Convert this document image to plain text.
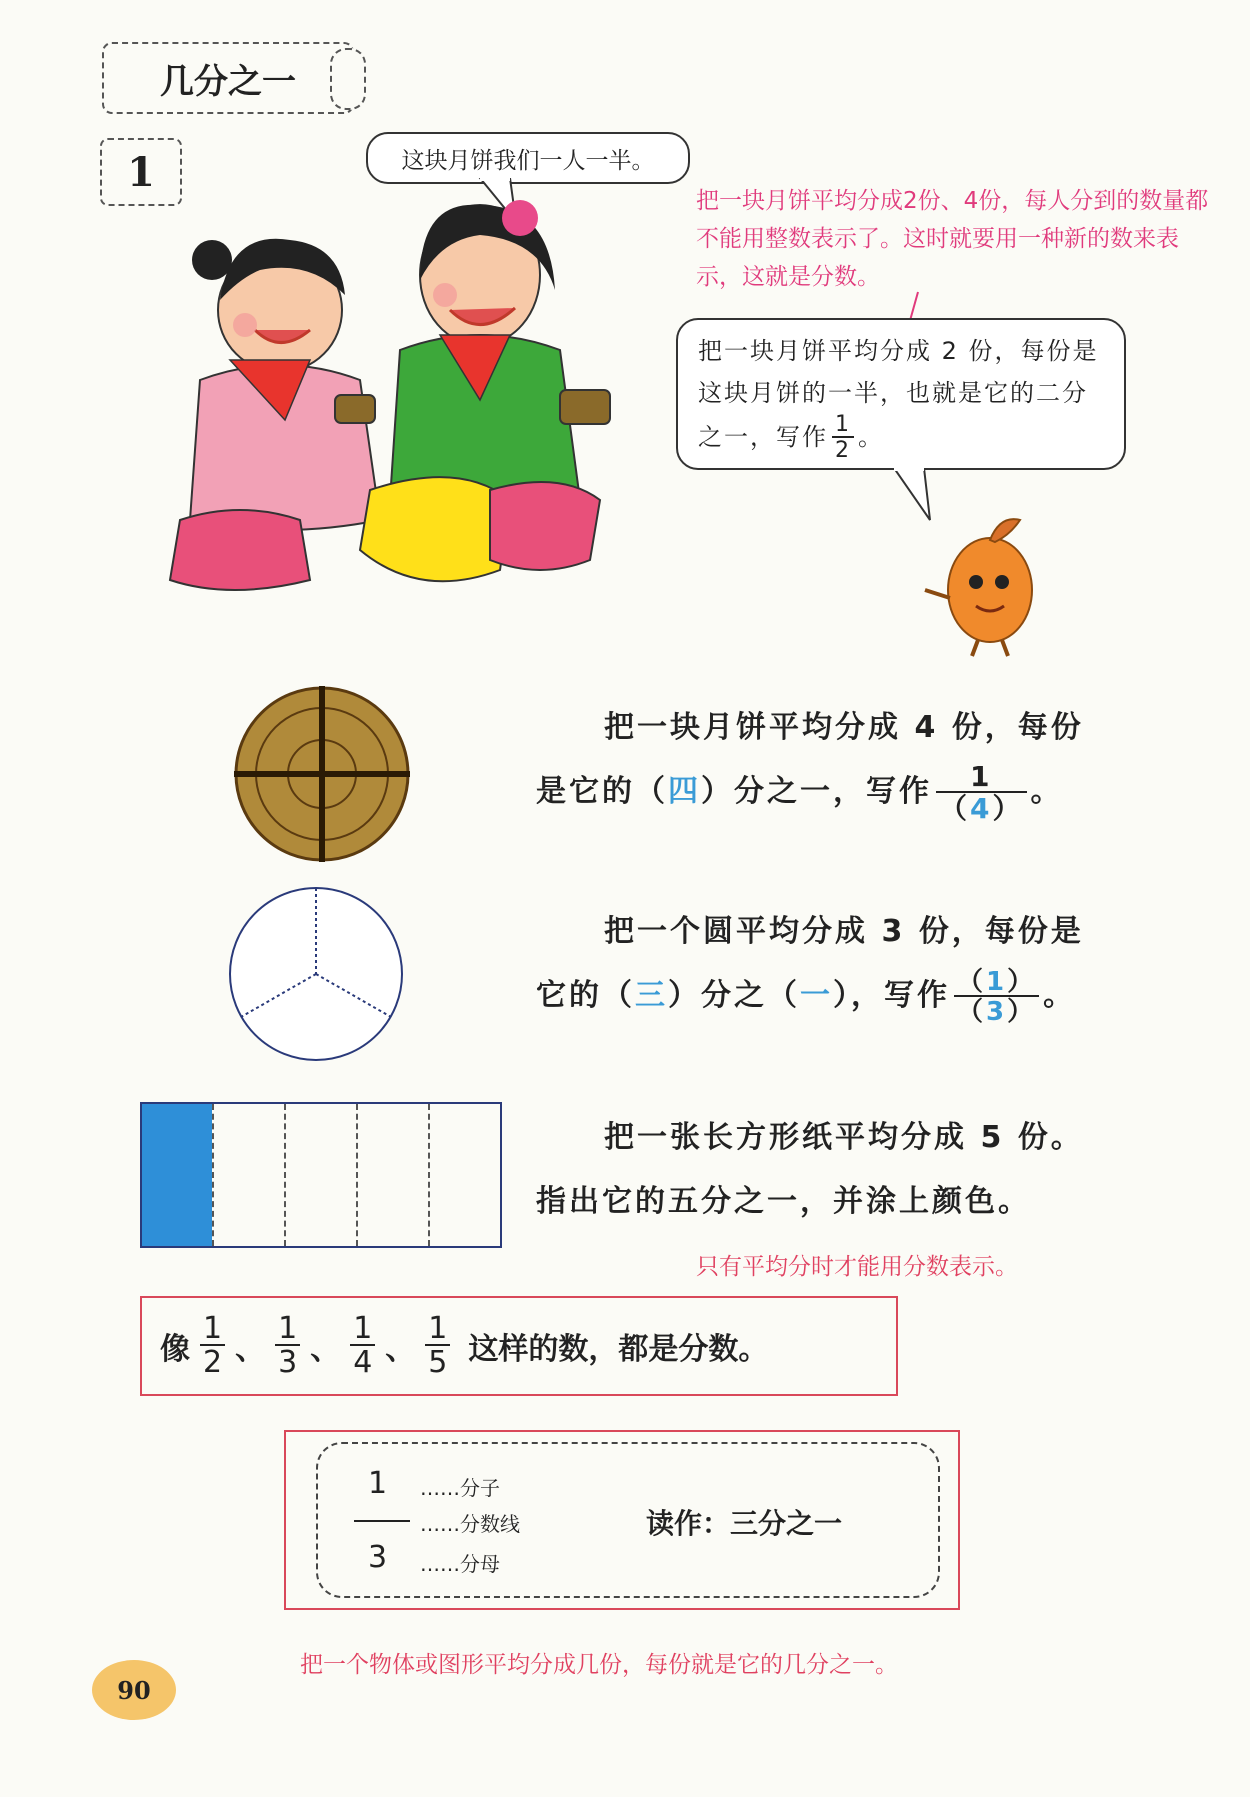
几分之一
1	这块月饼我们一人一半。
把一块月饼平均分成2份、4份，每人分到的数量都不能用整数表示了。这时就要用一种新的数来表示，这就是分数。
把一块月饼平均分成 2 份，每份是这块月饼的一半，也就是它的二分之一，写作 $\frac{1}{2}$ 。
把一块月饼平均分成 4 份，每份
是它的（四）分之一，写作 $\frac{1}{(4)}$ 。
把一个圆平均分成 3 份，每份是
它的（三）分之（一），写作 $\frac{(1)}{(3)}$ 。
把一张长方形纸平均分成 5 份。
指出它的五分之一，并涂上颜色。
只有平均分时才能用分数表示。
像 $\frac{1}{2}$ 、 $\frac{1}{3}$ 、 $\frac{1}{4}$ 、 $\frac{1}{5}$ 这样的数，都是分数。
1
3
……分子
……分数线
……分母
读作：三分之一
把一个物体或图形平均分成几份，每份就是它的几分之一。
90
